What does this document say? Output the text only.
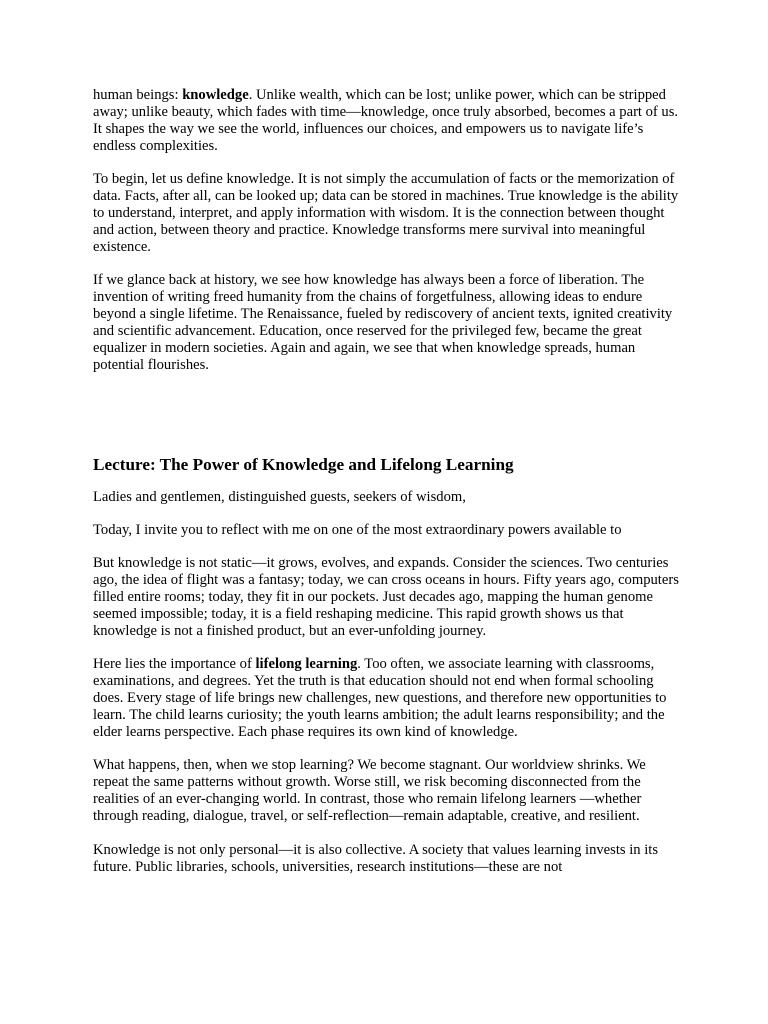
human beings: knowledge. Unlike wealth, which can be lost; unlike power, which can be stripped away; unlike beauty, which fades with time—knowledge, once truly absorbed, becomes a part of us. It shapes the way we see the world, influences our choices, and empowers us to navigate life’s endless complexities.

To begin, let us define knowledge. It is not simply the accumulation of facts or the memorization of data. Facts, after all, can be looked up; data can be stored in machines. True knowledge is the ability to understand, interpret, and apply information with wisdom. It is the connection between thought and action, between theory and practice. Knowledge transforms mere survival into meaningful existence.

If we glance back at history, we see how knowledge has always been a force of liberation. The invention of writing freed humanity from the chains of forgetfulness, allowing ideas to endure beyond a single lifetime. The Renaissance, fueled by rediscovery of ancient texts, ignited creativity and scientific advancement. Education, once reserved for the privileged few, became the great equalizer in modern societies. Again and again, we see that when knowledge spreads, human potential flourishes.

Lecture: The Power of Knowledge and Lifelong Learning

Ladies and gentlemen, distinguished guests, seekers of wisdom,

Today, I invite you to reflect with me on one of the most extraordinary powers available to

But knowledge is not static—it grows, evolves, and expands. Consider the sciences. Two centuries ago, the idea of flight was a fantasy; today, we can cross oceans in hours. Fifty years ago, computers filled entire rooms; today, they fit in our pockets. Just decades ago, mapping the human genome seemed impossible; today, it is a field reshaping medicine. This rapid growth shows us that knowledge is not a finished product, but an ever-unfolding journey.

Here lies the importance of lifelong learning. Too often, we associate learning with classrooms, examinations, and degrees. Yet the truth is that education should not end when formal schooling does. Every stage of life brings new challenges, new questions, and therefore new opportunities to learn. The child learns curiosity; the youth learns ambition; the adult learns responsibility; and the elder learns perspective. Each phase requires its own kind of knowledge.

What happens, then, when we stop learning? We become stagnant. Our worldview shrinks. We repeat the same patterns without growth. Worse still, we risk becoming disconnected from the realities of an ever-changing world. In contrast, those who remain lifelong learners —whether through reading, dialogue, travel, or self-reflection—remain adaptable, creative, and resilient.

Knowledge is not only personal—it is also collective. A society that values learning invests in its future. Public libraries, schools, universities, research institutions—these are not
